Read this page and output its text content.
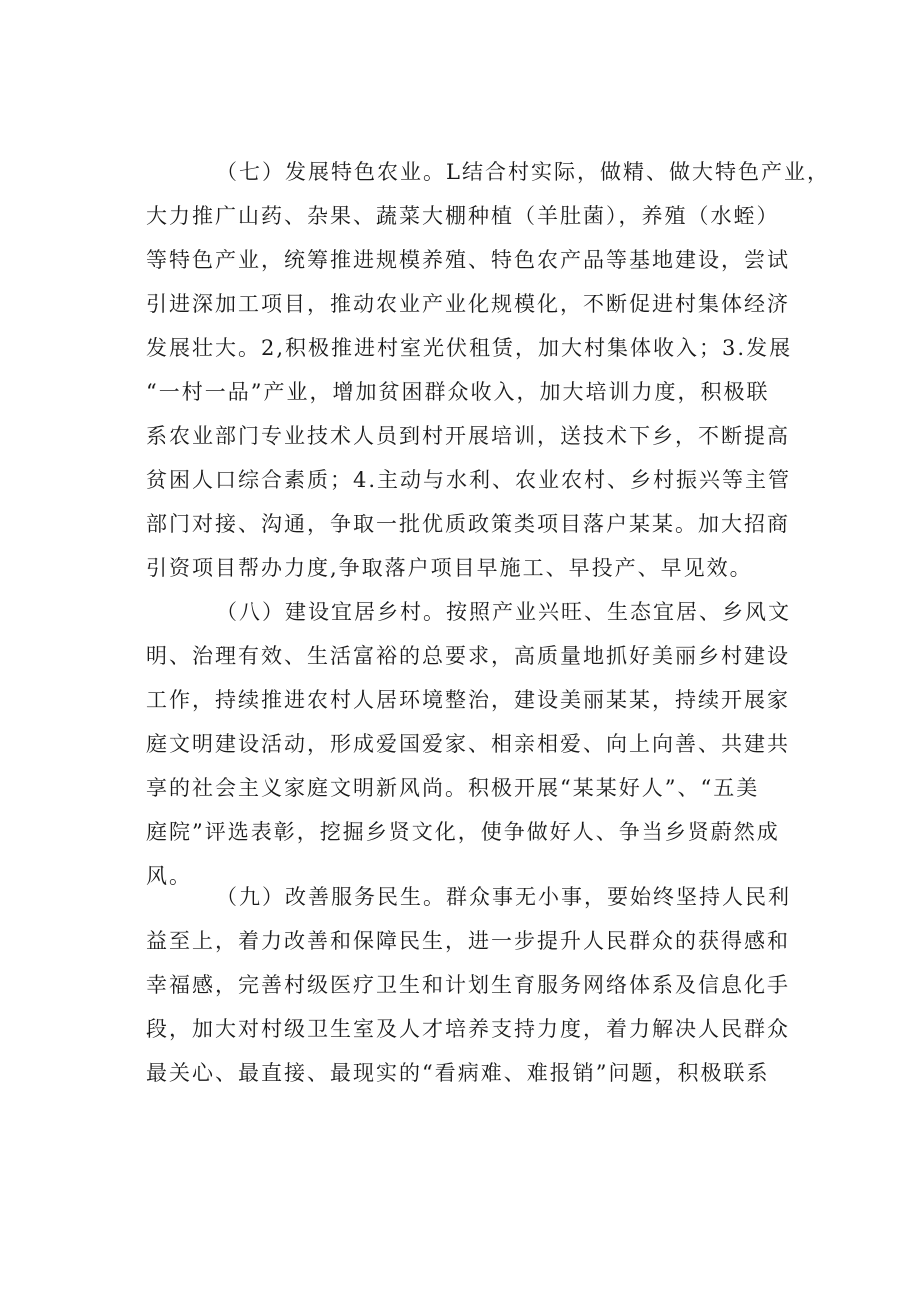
（七）发展特色农业。L结合村实际，做精、做大特色产业，
大力推广山药、杂果、蔬菜大棚种植（羊肚菌），养殖（水蛭）
等特色产业，统筹推进规模养殖、特色农产品等基地建设，尝试
引进深加工项目，推动农业产业化规模化，不断促进村集体经济
发展壮大。2,积极推进村室光伏租赁，加大村集体收入；3.发展
“一村一品”产业，增加贫困群众收入，加大培训力度，积极联
系农业部门专业技术人员到村开展培训，送技术下乡，不断提高
贫困人口综合素质；4.主动与水利、农业农村、乡村振兴等主管
部门对接、沟通，争取一批优质政策类项目落户某某。加大招商
引资项目帮办力度,争取落户项目早施工、早投产、早见效。
（八）建设宜居乡村。按照产业兴旺、生态宜居、乡风文
明、治理有效、生活富裕的总要求，高质量地抓好美丽乡村建设
工作，持续推进农村人居环境整治，建设美丽某某，持续开展家
庭文明建设活动，形成爱国爱家、相亲相爱、向上向善、共建共
享的社会主义家庭文明新风尚。积极开展“某某好人”、“五美
庭院”评选表彰，挖掘乡贤文化，使争做好人、争当乡贤蔚然成
风。
（九）改善服务民生。群众事无小事，要始终坚持人民利
益至上，着力改善和保障民生，进一步提升人民群众的获得感和
幸福感，完善村级医疗卫生和计划生育服务网络体系及信息化手
段，加大对村级卫生室及人才培养支持力度，着力解决人民群众
最关心、最直接、最现实的“看病难、难报销”问题，积极联系
